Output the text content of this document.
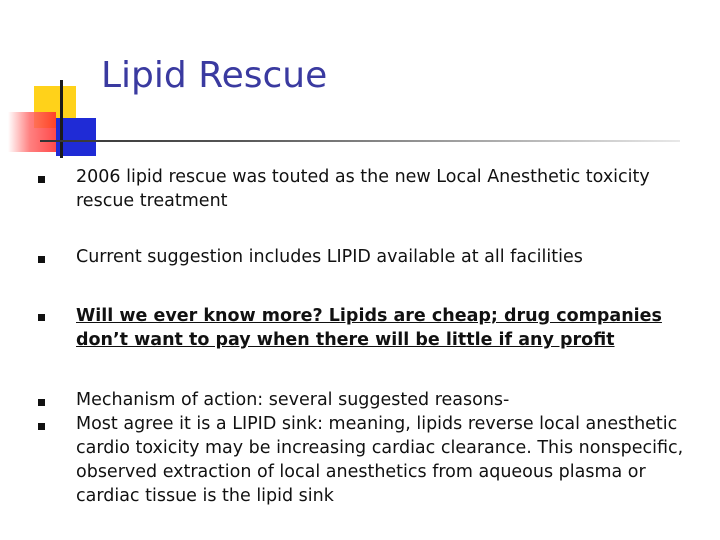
Lipid Rescue

2006 lipid rescue was touted as the new Local Anesthetic toxicity rescue treatment

Current suggestion includes LIPID available at all facilities

Will we ever know more? Lipids are cheap; drug companies don’t want to pay when there will be little if any profit

Mechanism of action: several suggested reasons-

Most agree it is a LIPID sink: meaning, lipids reverse local anesthetic cardio toxicity may be increasing cardiac clearance. This nonspecific, observed extraction of local anesthetics from aqueous plasma or cardiac tissue is the lipid sink
